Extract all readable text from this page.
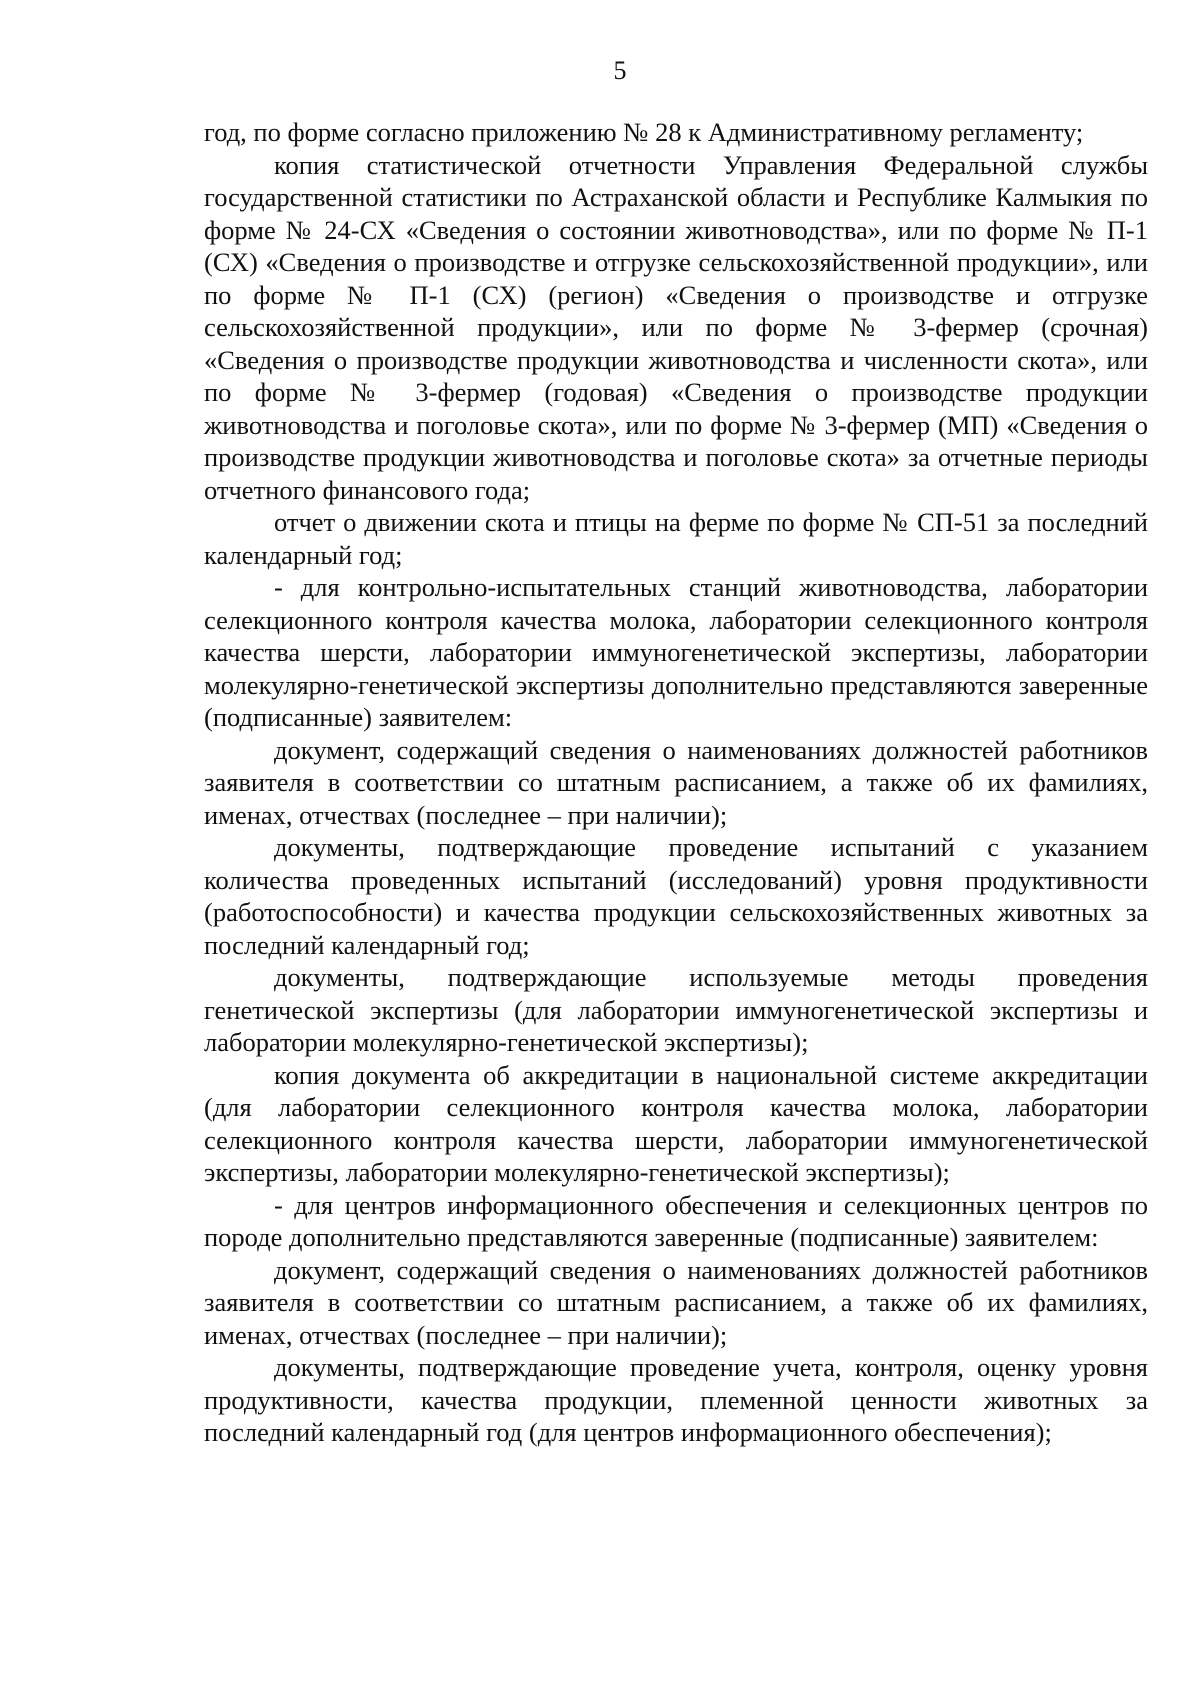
5

год, по форме согласно приложению № 28 к Административному регламенту;

копия статистической отчетности Управления Федеральной службы государственной статистики по Астраханской области и Республике Калмыкия по форме № 24-СХ «Сведения о состоянии животноводства», или по форме № П-1 (СХ) «Сведения о производстве и отгрузке сельскохозяйственной продукции», или по форме № П-1 (СХ) (регион) «Сведения о производстве и отгрузке сельскохозяйственной продукции», или по форме № 3-фермер (срочная) «Сведения о производстве продукции животноводства и численности скота», или по форме № 3-фермер (годовая) «Сведения о производстве продукции животноводства и поголовье скота», или по форме № 3-фермер (МП) «Сведения о производстве продукции животноводства и поголовье скота» за отчетные периоды отчетного финансового года;

отчет о движении скота и птицы на ферме по форме № СП-51 за последний календарный год;

- для контрольно-испытательных станций животноводства, лаборатории селекционного контроля качества молока, лаборатории селекционного контроля качества шерсти, лаборатории иммуногенетической экспертизы, лаборатории молекулярно-генетической экспертизы дополнительно представляются заверенные (подписанные) заявителем:

документ, содержащий сведения о наименованиях должностей работников заявителя в соответствии со штатным расписанием, а также об их фамилиях, именах, отчествах (последнее – при наличии);

документы, подтверждающие проведение испытаний с указанием количества проведенных испытаний (исследований) уровня продуктивности (работоспособности) и качества продукции сельскохозяйственных животных за последний календарный год;

документы, подтверждающие используемые методы проведения генетической экспертизы (для лаборатории иммуногенетической экспертизы и лаборатории молекулярно-генетической экспертизы);

копия документа об аккредитации в национальной системе аккредитации (для лаборатории селекционного контроля качества молока, лаборатории селекционного контроля качества шерсти, лаборатории иммуногенетической экспертизы, лаборатории молекулярно-генетической экспертизы);

- для центров информационного обеспечения и селекционных центров по породе дополнительно представляются заверенные (подписанные) заявителем:

документ, содержащий сведения о наименованиях должностей работников заявителя в соответствии со штатным расписанием, а также об их фамилиях, именах, отчествах (последнее – при наличии);

документы, подтверждающие проведение учета, контроля, оценку уровня продуктивности, качества продукции, племенной ценности животных за последний календарный год (для центров информационного обеспечения);
